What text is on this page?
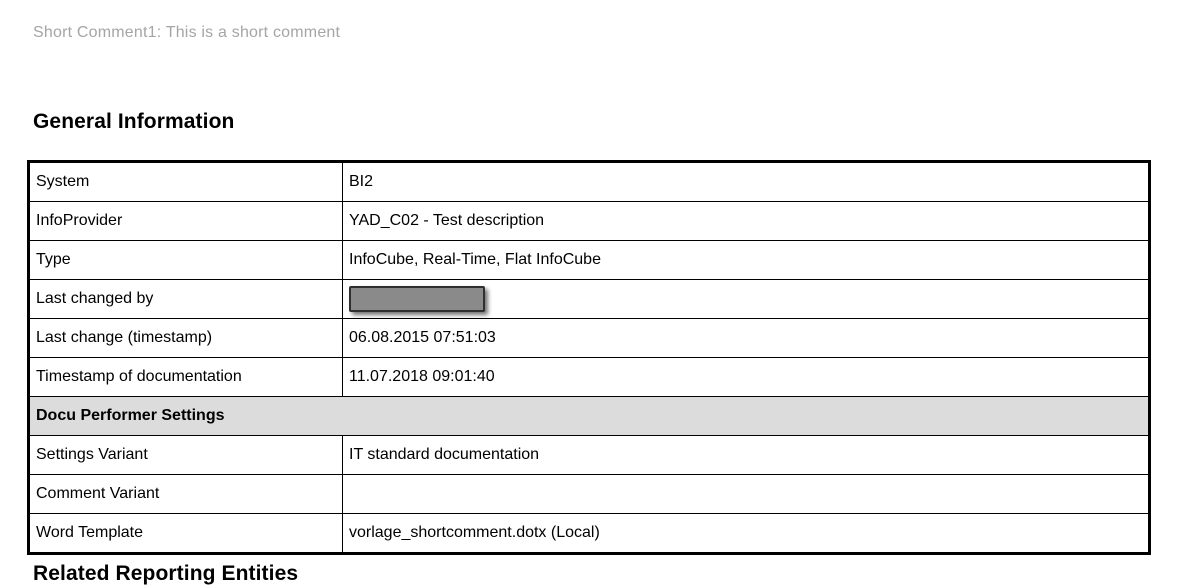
Short Comment1: This is a short comment
General Information
System	BI2
InfoProvider	YAD_C02 - Test description
Type	InfoCube, Real-Time, Flat InfoCube
Last changed by	
Last change (timestamp)	06.08.2015 07:51:03
Timestamp of documentation	11.07.2018 09:01:40
Docu Performer Settings	
Settings Variant	IT standard documentation
Comment Variant	
Word Template	vorlage_shortcomment.dotx (Local)
Related Reporting Entities
